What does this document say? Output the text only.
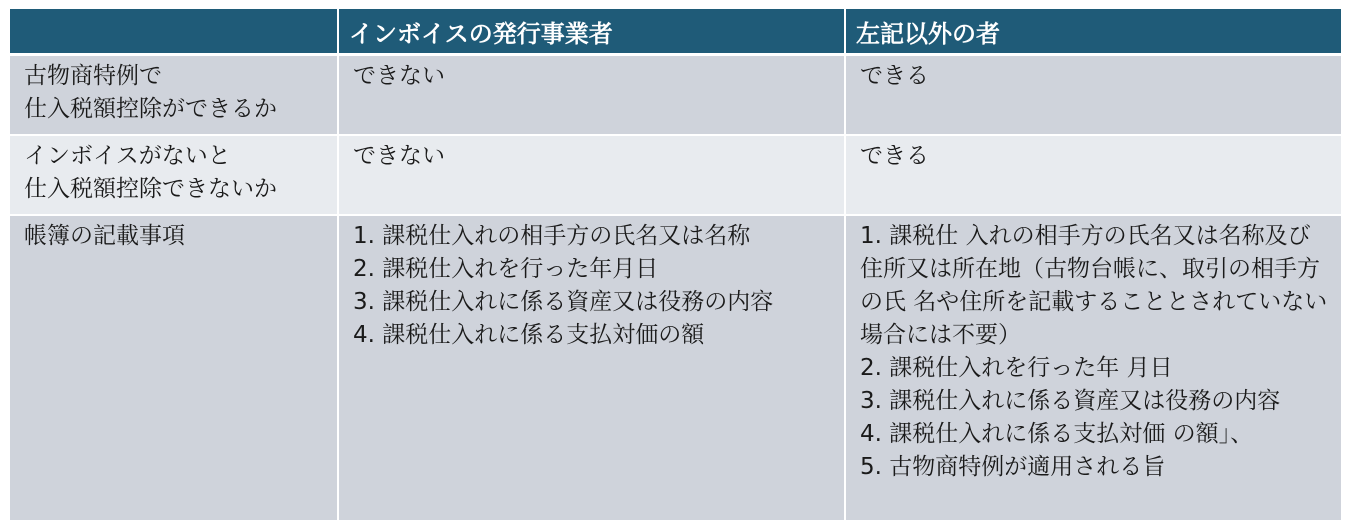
	インボイスの発行事業者	左記以外の者

古物商特例で
仕入税額控除ができるか	できない	できる

インボイスがないと
仕入税額控除できないか	できない	できる

帳簿の記載事項	1. 課税仕入れの相手方の氏名又は名称
2. 課税仕入れを行った年月日
3. 課税仕入れに係る資産又は役務の内容
4. 課税仕入れに係る支払対価の額	1. 課税仕 入れの相手方の氏名又は名称及び住所又は所在地（古物台帳に、取引の相手方の氏 名や住所を記載することとされていない場合には不要）
2. 課税仕入れを行った年 月日
3. 課税仕入れに係る資産又は役務の内容
4. 課税仕入れに係る支払対価 の額」、
5. 古物商特例が適用される旨
